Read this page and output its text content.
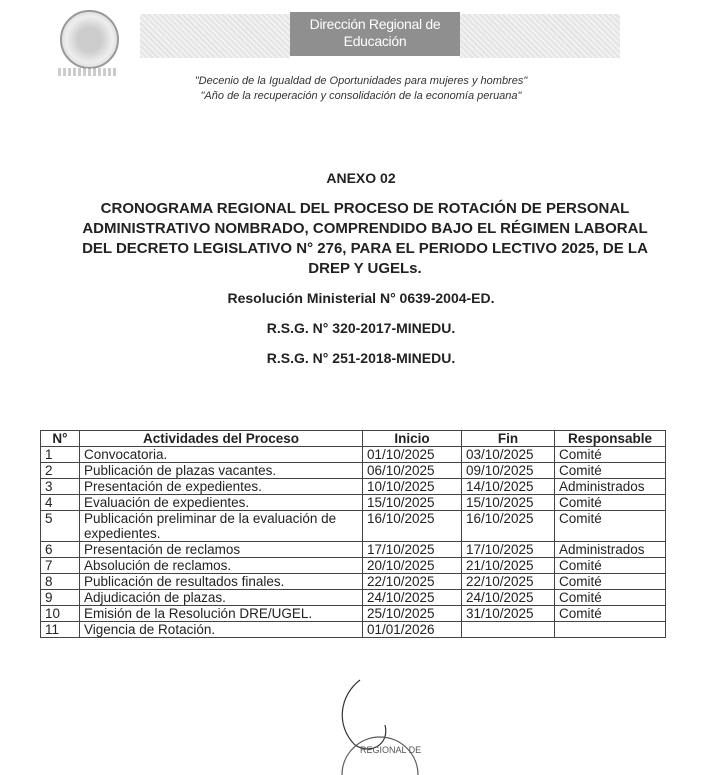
Dirección Regional de
Educación
"Decenio de la Igualdad de Oportunidades para mujeres y hombres"
"Año de la recuperación y consolidación de la economía peruana"
ANEXO 02
CRONOGRAMA REGIONAL DEL PROCESO DE ROTACIÓN DE PERSONAL ADMINISTRATIVO NOMBRADO, COMPRENDIDO BAJO EL RÉGIMEN LABORAL DEL DECRETO LEGISLATIVO N° 276, PARA EL PERIODO LECTIVO 2025, DE LA DREP Y UGELs.
Resolución Ministerial N° 0639-2004-ED.
R.S.G. N° 320-2017-MINEDU.
R.S.G. N° 251-2018-MINEDU.
N°	Actividades del Proceso	Inicio	Fin	Responsable
1	Convocatoria.	01/10/2025	03/10/2025	Comité
2	Publicación de plazas vacantes.	06/10/2025	09/10/2025	Comité
3	Presentación de expedientes.	10/10/2025	14/10/2025	Administrados
4	Evaluación de expedientes.	15/10/2025	15/10/2025	Comité
5	Publicación preliminar de la evaluación de expedientes.	16/10/2025	16/10/2025	Comité
6	Presentación de reclamos	17/10/2025	17/10/2025	Administrados
7	Absolución de reclamos.	20/10/2025	21/10/2025	Comité
8	Publicación de resultados finales.	22/10/2025	22/10/2025	Comité
9	Adjudicación de plazas.	24/10/2025	24/10/2025	Comité
10	Emisión de la Resolución DRE/UGEL.	25/10/2025	31/10/2025	Comité
11	Vigencia de Rotación.	01/01/2026		
REGIONAL DE
